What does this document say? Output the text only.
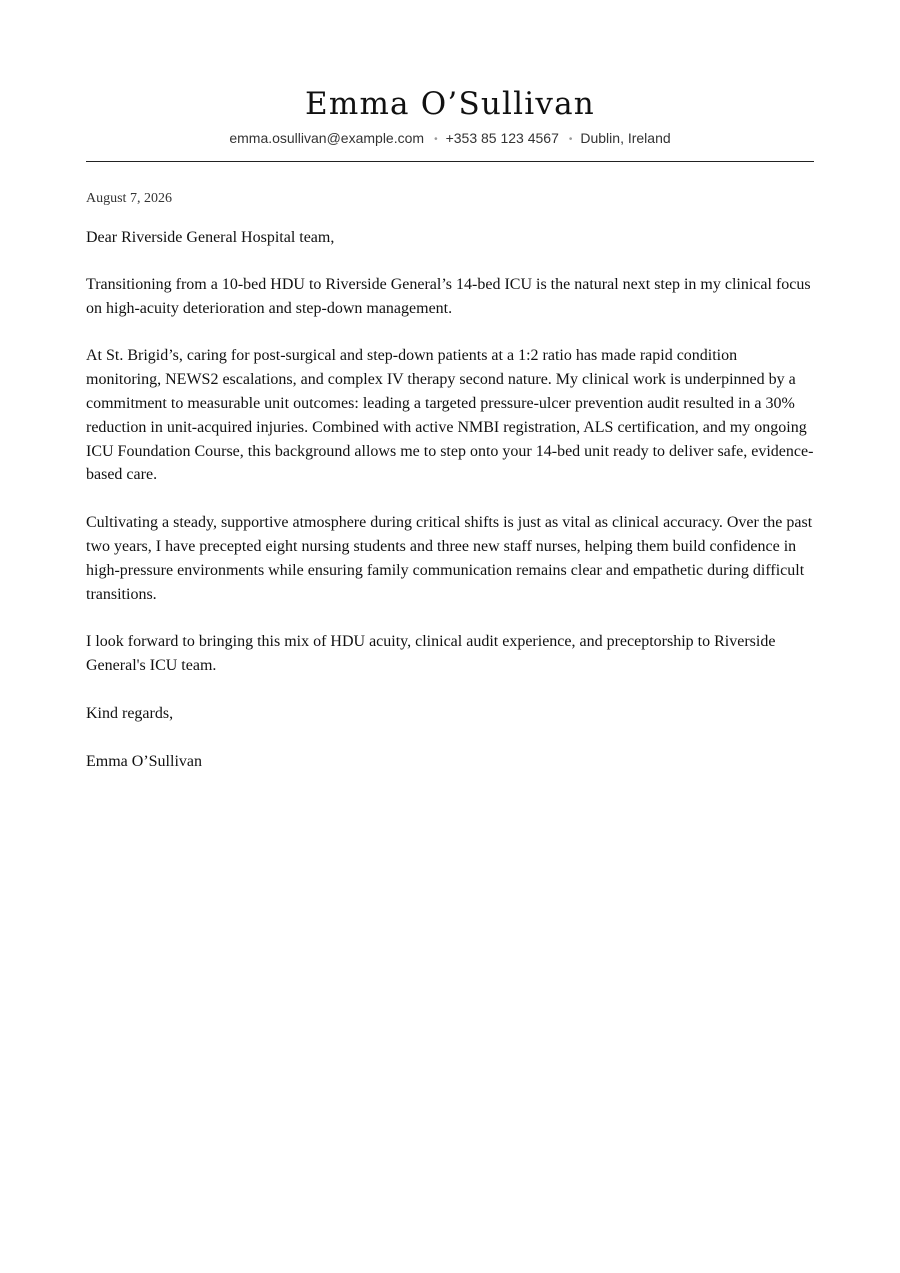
Emma O’Sullivan
emma.osullivan@example.com • +353 85 123 4567 • Dublin, Ireland
August 7, 2026
Dear Riverside General Hospital team,

Transitioning from a 10-bed HDU to Riverside General’s 14-bed ICU is the natural next step in my clinical focus on high-acuity deterioration and step-down management.

At St. Brigid’s, caring for post-surgical and step-down patients at a 1:2 ratio has made rapid condition monitoring, NEWS2 escalations, and complex IV therapy second nature. My clinical work is underpinned by a commitment to measurable unit outcomes: leading a targeted pressure-ulcer prevention audit resulted in a 30% reduction in unit-acquired injuries. Combined with active NMBI registration, ALS certification, and my ongoing ICU Foundation Course, this background allows me to step onto your 14-bed unit ready to deliver safe, evidence-based care.

Cultivating a steady, supportive atmosphere during critical shifts is just as vital as clinical accuracy. Over the past two years, I have precepted eight nursing students and three new staff nurses, helping them build confidence in high-pressure environments while ensuring family communication remains clear and empathetic during difficult transitions.

I look forward to bringing this mix of HDU acuity, clinical audit experience, and preceptorship to Riverside General's ICU team.

Kind regards,

Emma O’Sullivan
